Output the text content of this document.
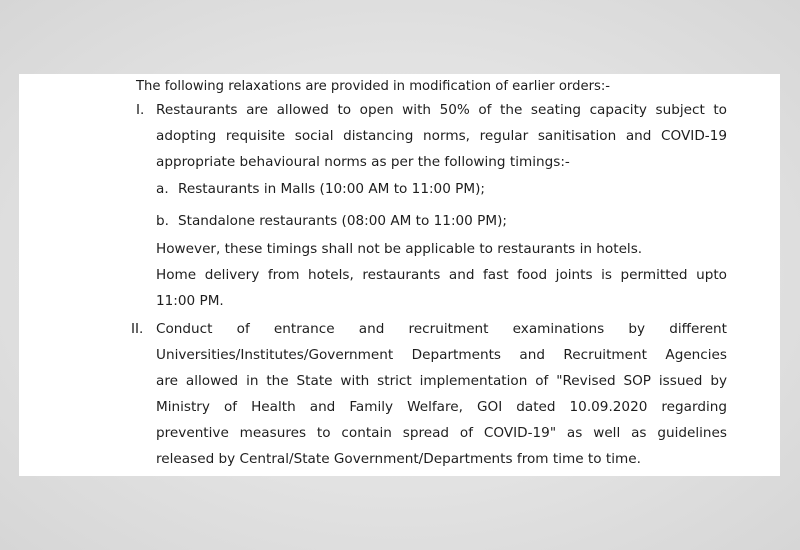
The following relaxations are provided in modification of earlier orders:-
I. Restaurants are allowed to open with 50% of the seating capacity subject to
adopting requisite social distancing norms, regular sanitisation and COVID-19
appropriate behavioural norms as per the following timings:-
a. Restaurants in Malls (10:00 AM to 11:00 PM);
b. Standalone restaurants (08:00 AM to 11:00 PM);
However, these timings shall not be applicable to restaurants in hotels.
Home delivery from hotels, restaurants and fast food joints is permitted upto
11:00 PM.
II. Conduct of entrance and recruitment examinations by different
Universities/Institutes/Government Departments and Recruitment Agencies
are allowed in the State with strict implementation of "Revised SOP issued by
Ministry of Health and Family Welfare, GOI dated 10.09.2020 regarding
preventive measures to contain spread of COVID-19" as well as guidelines
released by Central/State Government/Departments from time to time.
